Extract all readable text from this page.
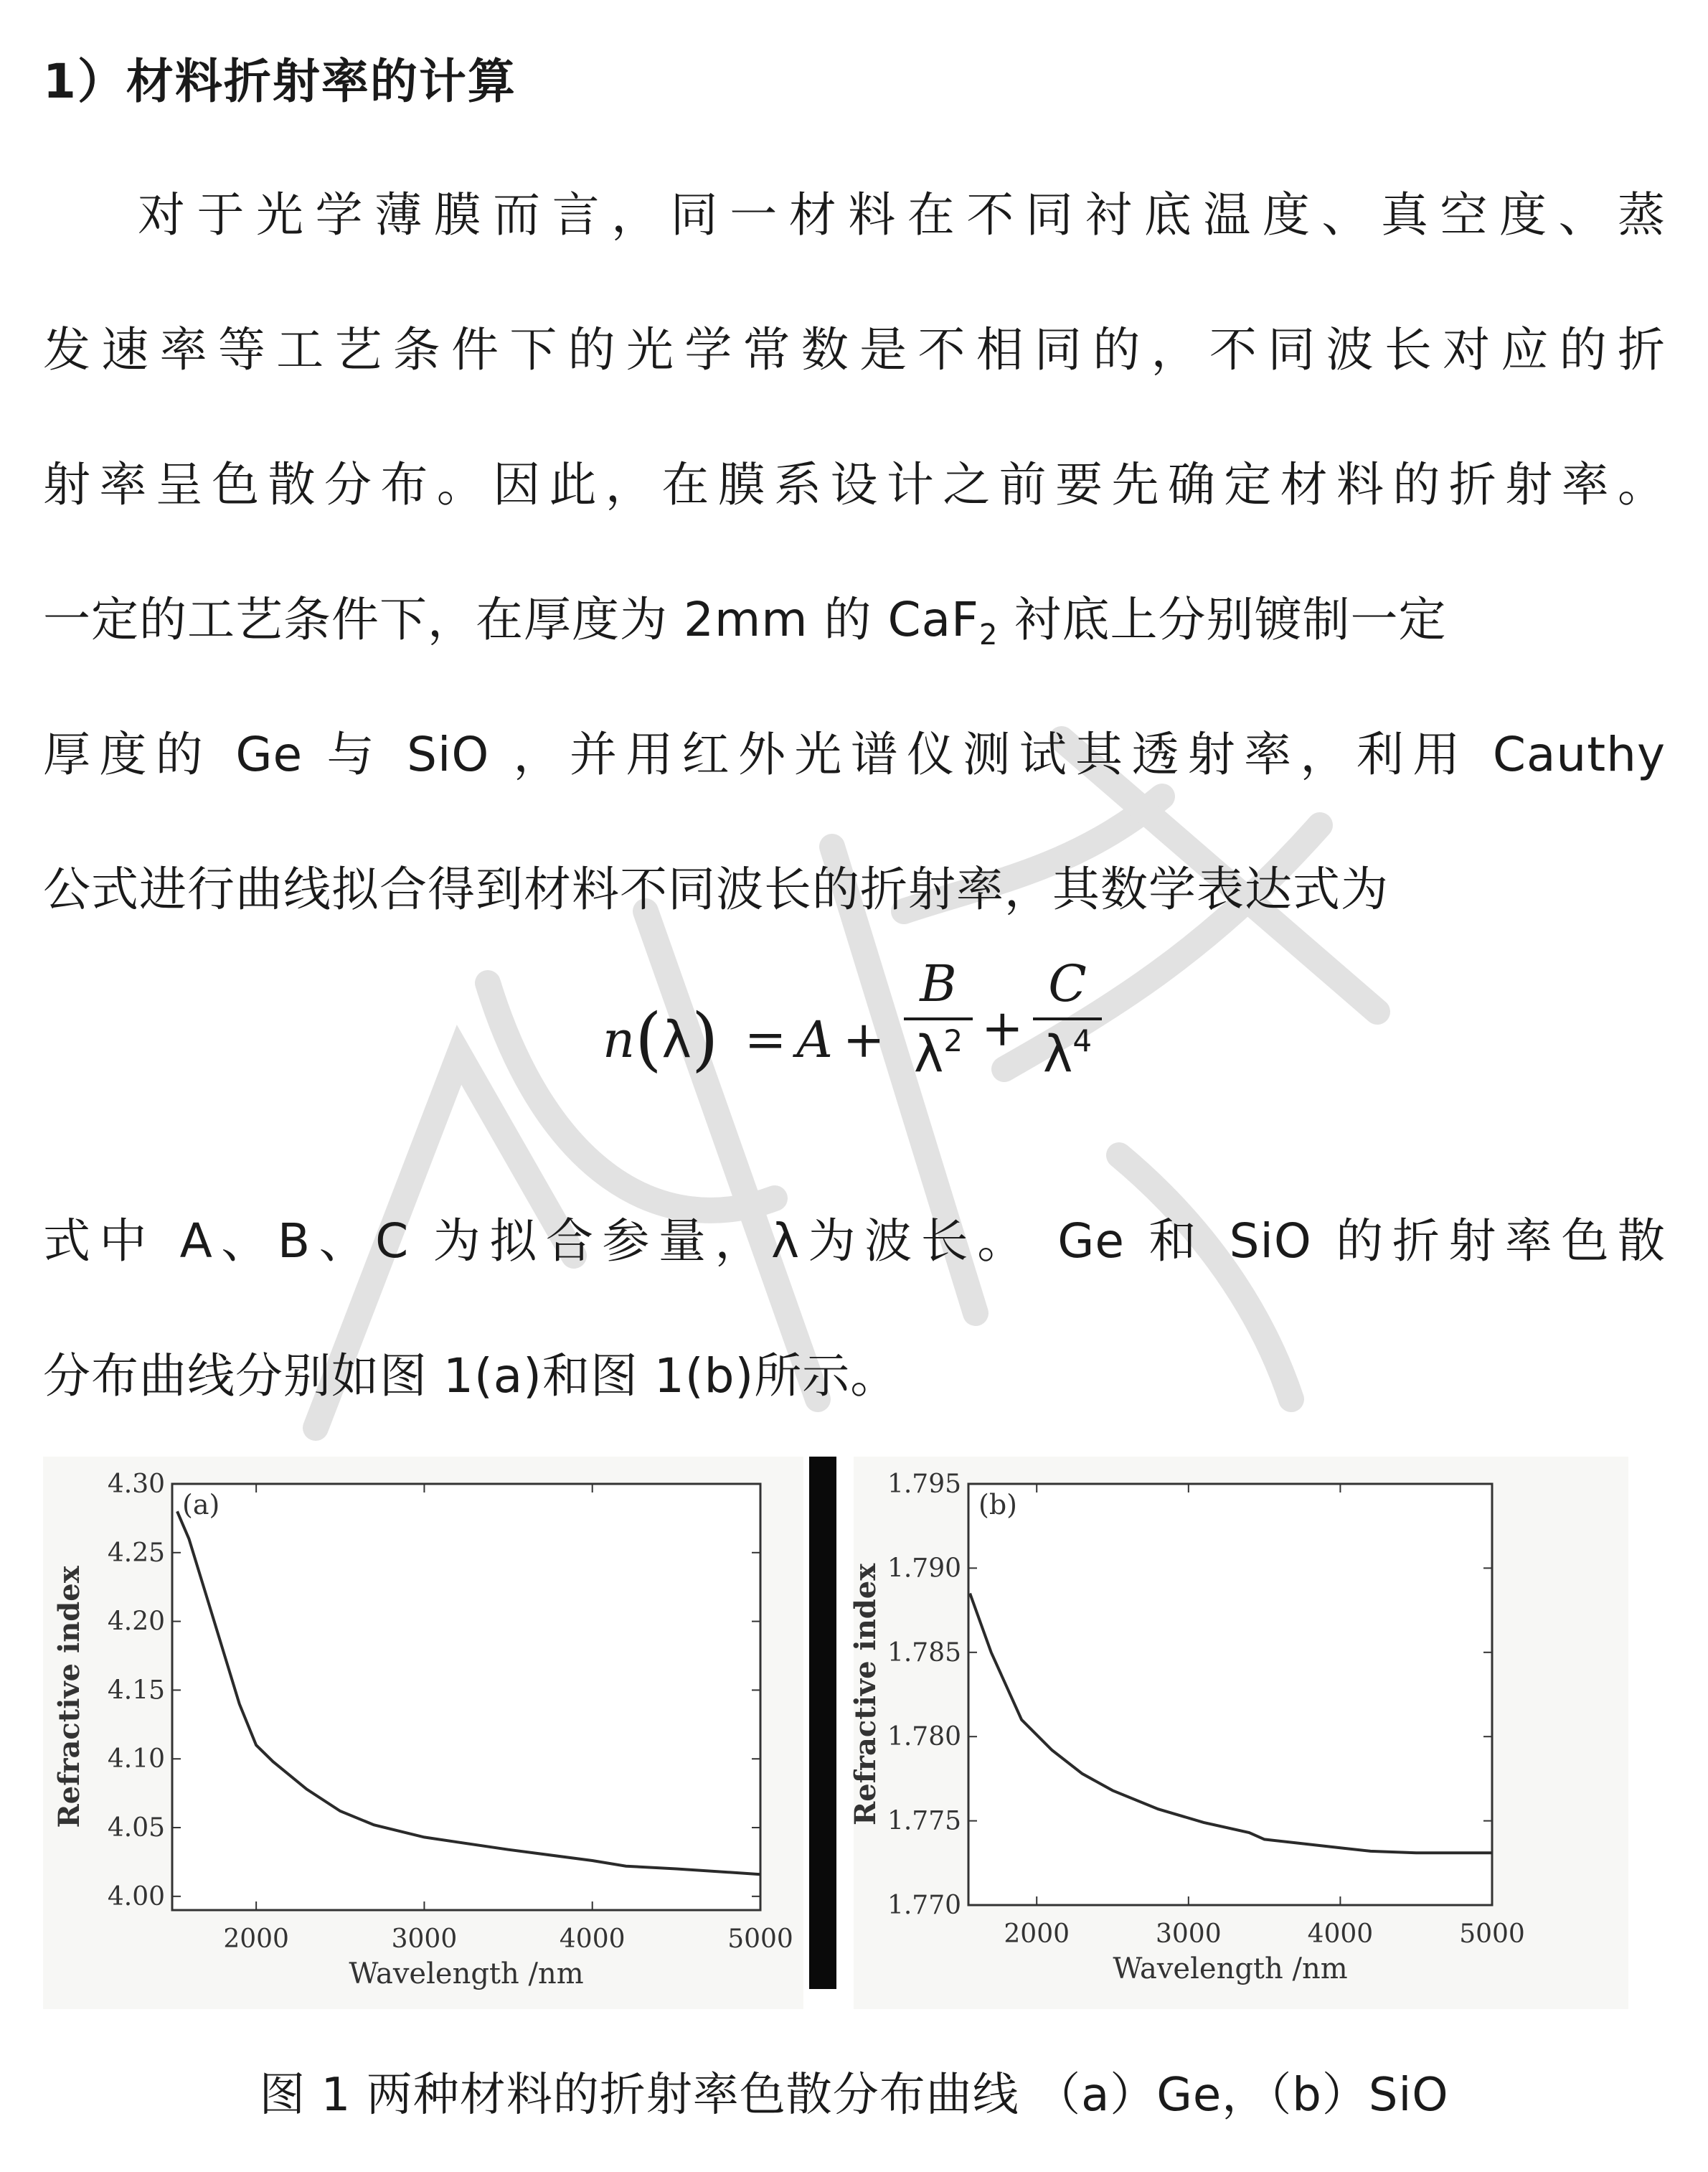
1）材料折射率的计算
对于光学薄膜而言，同一材料在不同衬底温度、真空度、蒸
发速率等工艺条件下的光学常数是不相同的，不同波长对应的折
射率呈色散分布。因此，在膜系设计之前要先确定材料的折射率。
一定的工艺条件下，在厚度为 2mm 的 CaF$_2$ 衬底上分别镀制一定
厚度的 Ge 与 SiO ，并用红外光谱仪测试其透射率，利用 Cauthy
公式进行曲线拟合得到材料不同波长的折射率，其数学表达式为
n(λ) = A +
B
$\lambda^2$ +
C
$\lambda^4$
式中 A、B、C 为拟合参量，λ为波长。 Ge 和 SiO 的折射率色散
分布曲线分别如图 1(a)和图 1(b)所示。
4.00
4.05
4.10
4.15
4.20
4.25
4.30
2000	3000	4000	5000
Wavelength /nm
Refractive index
(a)
1.770
1.775
1.780
1.785
1.790
1.795
2000	3000	4000	5000
Wavelength /nm
Refractive index
(b)
图 1 两种材料的折射率色散分布曲线 （a）Ge，（b）SiO
